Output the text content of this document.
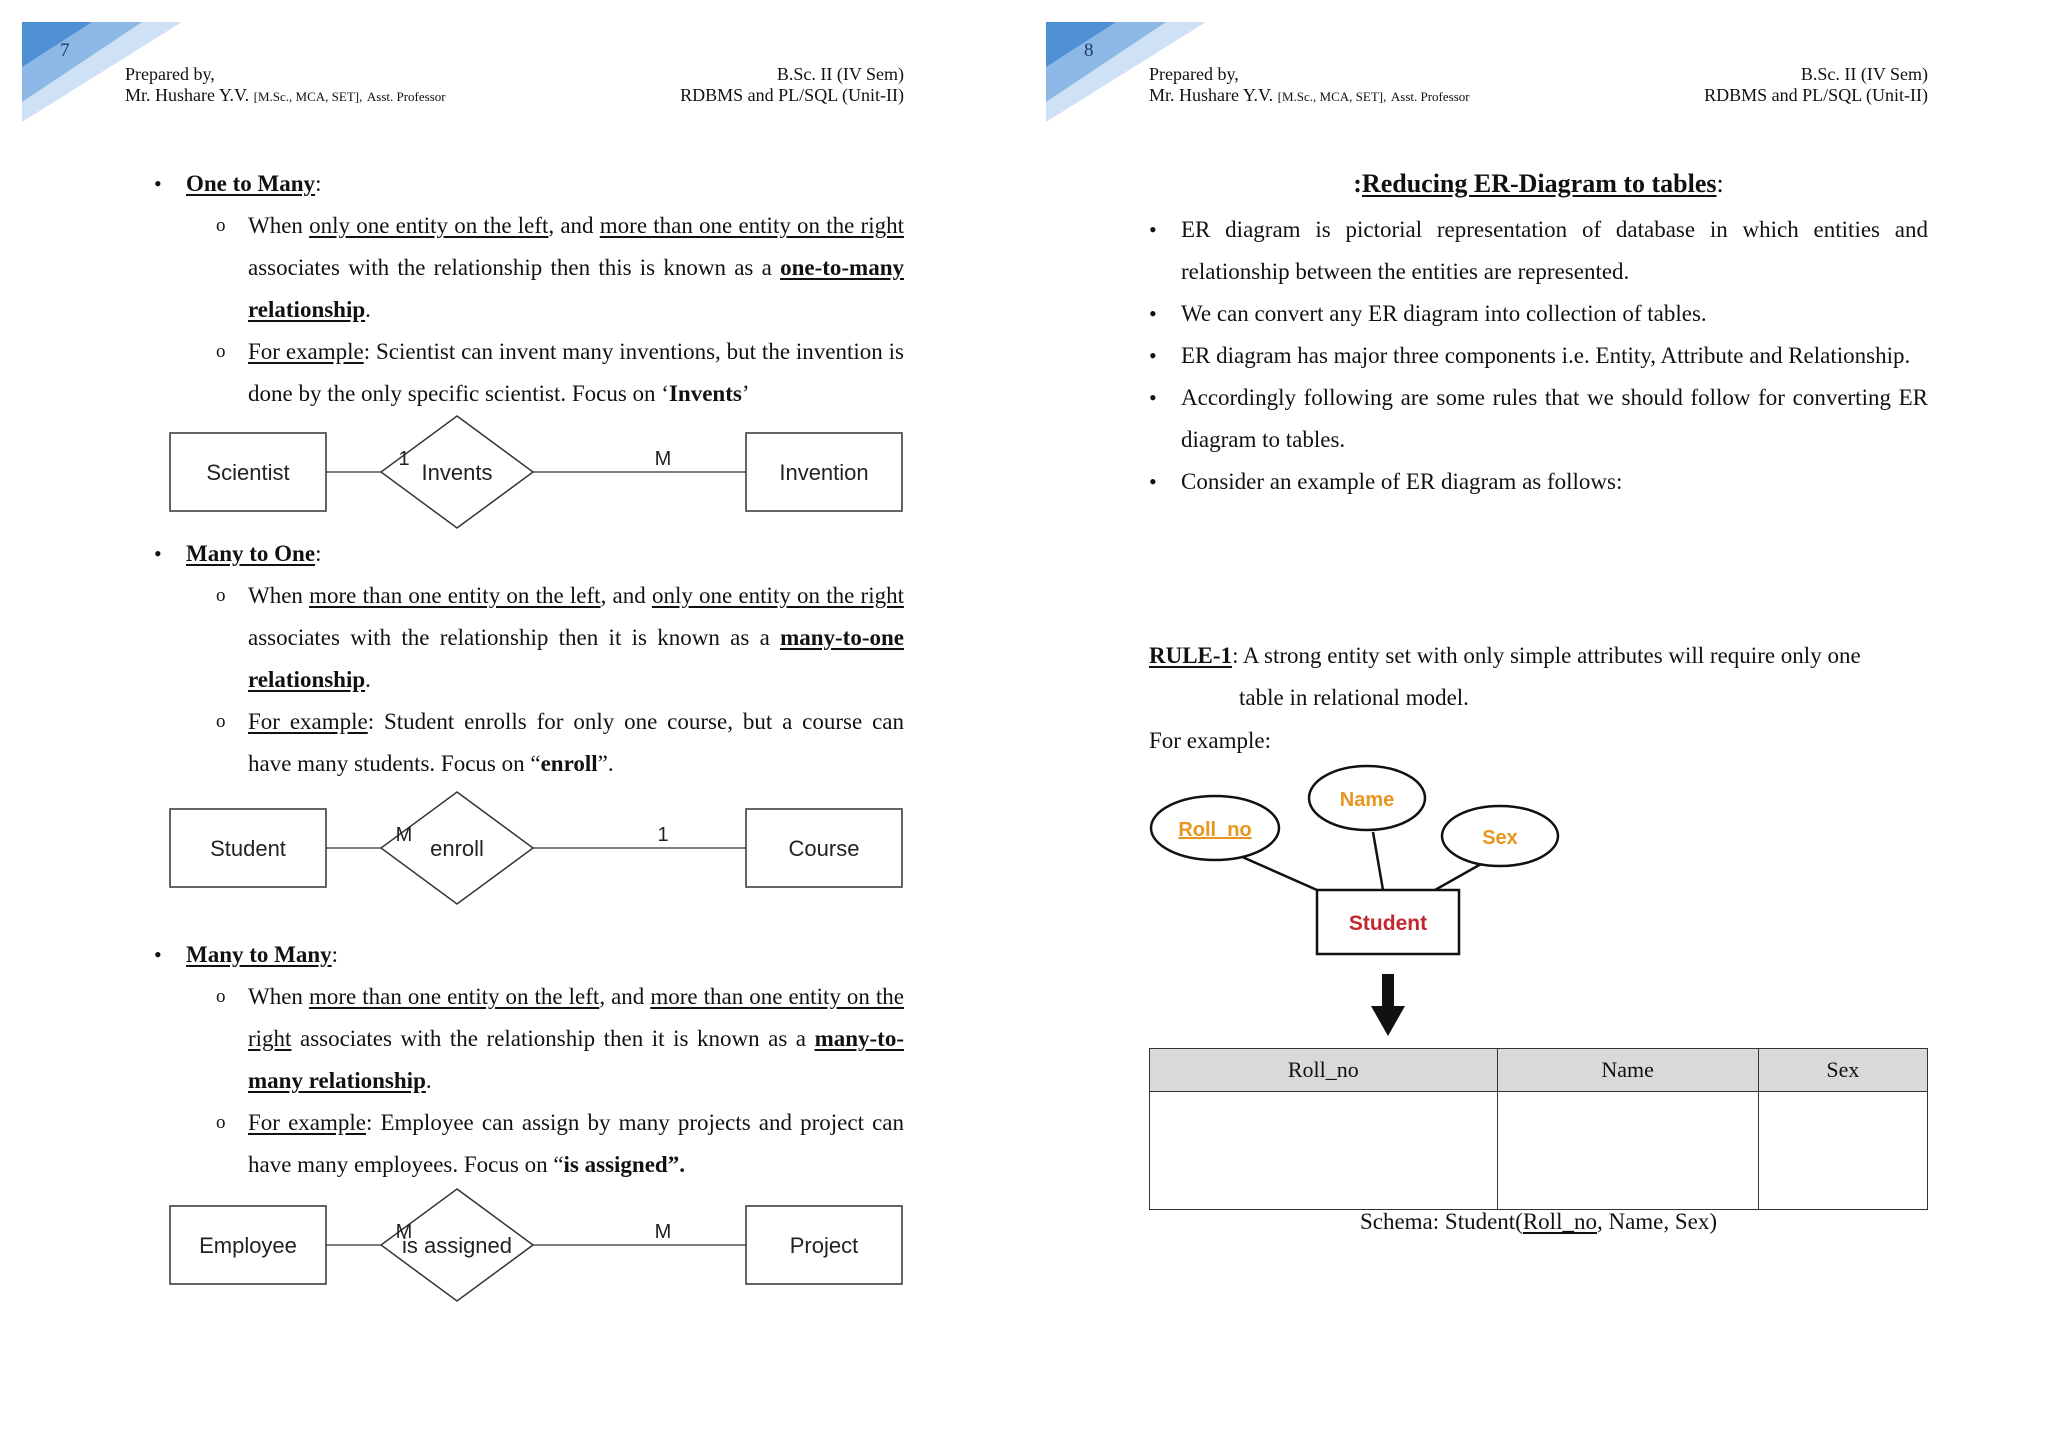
7
Prepared by,
Mr. Hushare Y.V. [M.Sc., MCA, SET], Asst. Professor
B.Sc. II (IV Sem)
RDBMS and PL/SQL (Unit-II)
• One to Many:
o When only one entity on the left, and more than one entity on the right associates with the relationship then this is known as a one-to-many relationship.
o For example: Scientist can invent many inventions, but the invention is done by the only specific scientist. Focus on ‘Invents’
Scientist	Invents	Invention
1	M
• Many to One:
o When more than one entity on the left, and only one entity on the right associates with the relationship then it is known as a many-to-one relationship.
o For example: Student enrolls for only one course, but a course can have many students. Focus on “enroll”.
Student	enroll	Course
M	1
• Many to Many:
o When more than one entity on the left, and more than one entity on the right associates with the relationship then it is known as a many-to-many relationship.
o For example: Employee can assign by many projects and project can have many employees. Focus on “is assigned”.
Employee	is assigned	Project
M	M
8
Prepared by,
Mr. Hushare Y.V. [M.Sc., MCA, SET], Asst. Professor
B.Sc. II (IV Sem)
RDBMS and PL/SQL (Unit-II)
:Reducing ER-Diagram to tables:
• ER diagram is pictorial representation of database in which entities and relationship between the entities are represented.
• We can convert any ER diagram into collection of tables.
• ER diagram has major three components i.e. Entity, Attribute and Relationship.
• Accordingly following are some rules that we should follow for converting ER diagram to tables.
• Consider an example of ER diagram as follows:
RULE-1: A strong entity set with only simple attributes will require only one
table in relational model.
For example:
Roll_no
Name
Sex
Student
Roll_no	Name	Sex

Schema: Student(Roll_no, Name, Sex)
